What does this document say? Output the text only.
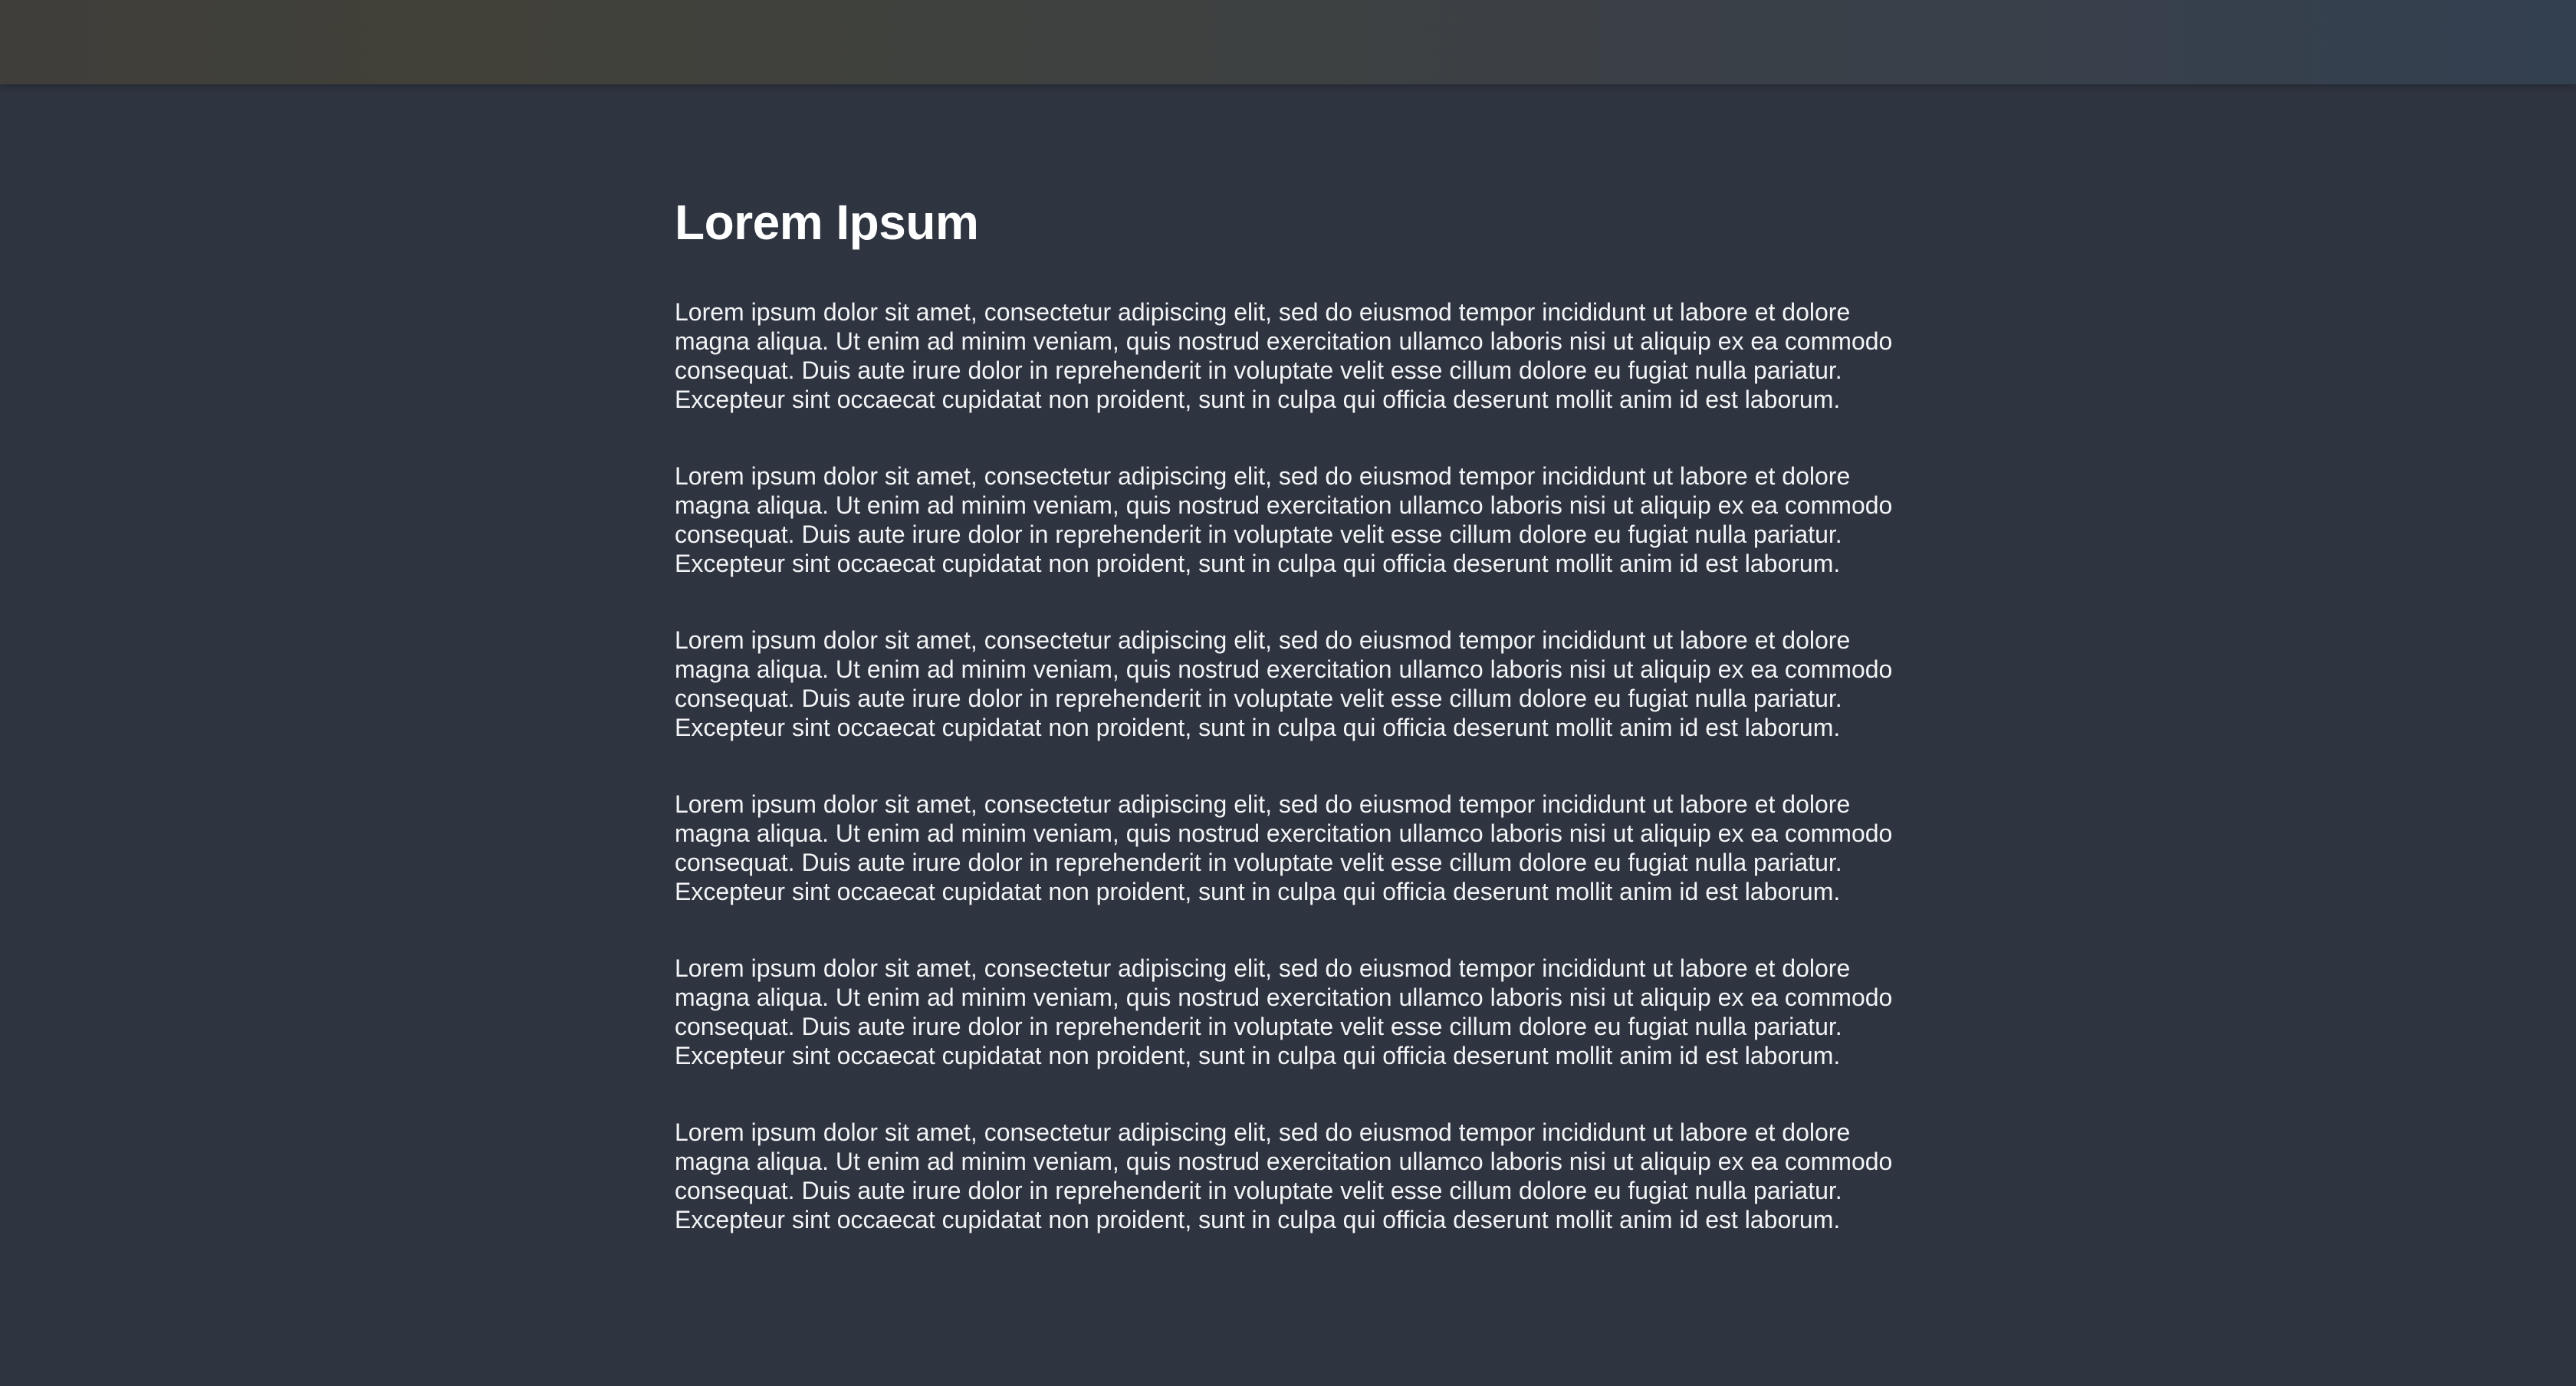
Lorem Ipsum

Lorem ipsum dolor sit amet, consectetur adipiscing elit, sed do eiusmod tempor incididunt ut labore et dolore magna aliqua. Ut enim ad minim veniam, quis nostrud exercitation ullamco laboris nisi ut aliquip ex ea commodo consequat. Duis aute irure dolor in reprehenderit in voluptate velit esse cillum dolore eu fugiat nulla pariatur. Excepteur sint occaecat cupidatat non proident, sunt in culpa qui officia deserunt mollit anim id est laborum.

Lorem ipsum dolor sit amet, consectetur adipiscing elit, sed do eiusmod tempor incididunt ut labore et dolore magna aliqua. Ut enim ad minim veniam, quis nostrud exercitation ullamco laboris nisi ut aliquip ex ea commodo consequat. Duis aute irure dolor in reprehenderit in voluptate velit esse cillum dolore eu fugiat nulla pariatur. Excepteur sint occaecat cupidatat non proident, sunt in culpa qui officia deserunt mollit anim id est laborum.

Lorem ipsum dolor sit amet, consectetur adipiscing elit, sed do eiusmod tempor incididunt ut labore et dolore magna aliqua. Ut enim ad minim veniam, quis nostrud exercitation ullamco laboris nisi ut aliquip ex ea commodo consequat. Duis aute irure dolor in reprehenderit in voluptate velit esse cillum dolore eu fugiat nulla pariatur. Excepteur sint occaecat cupidatat non proident, sunt in culpa qui officia deserunt mollit anim id est laborum.

Lorem ipsum dolor sit amet, consectetur adipiscing elit, sed do eiusmod tempor incididunt ut labore et dolore magna aliqua. Ut enim ad minim veniam, quis nostrud exercitation ullamco laboris nisi ut aliquip ex ea commodo consequat. Duis aute irure dolor in reprehenderit in voluptate velit esse cillum dolore eu fugiat nulla pariatur. Excepteur sint occaecat cupidatat non proident, sunt in culpa qui officia deserunt mollit anim id est laborum.

Lorem ipsum dolor sit amet, consectetur adipiscing elit, sed do eiusmod tempor incididunt ut labore et dolore magna aliqua. Ut enim ad minim veniam, quis nostrud exercitation ullamco laboris nisi ut aliquip ex ea commodo consequat. Duis aute irure dolor in reprehenderit in voluptate velit esse cillum dolore eu fugiat nulla pariatur. Excepteur sint occaecat cupidatat non proident, sunt in culpa qui officia deserunt mollit anim id est laborum.

Lorem ipsum dolor sit amet, consectetur adipiscing elit, sed do eiusmod tempor incididunt ut labore et dolore magna aliqua. Ut enim ad minim veniam, quis nostrud exercitation ullamco laboris nisi ut aliquip ex ea commodo consequat. Duis aute irure dolor in reprehenderit in voluptate velit esse cillum dolore eu fugiat nulla pariatur. Excepteur sint occaecat cupidatat non proident, sunt in culpa qui officia deserunt mollit anim id est laborum.
